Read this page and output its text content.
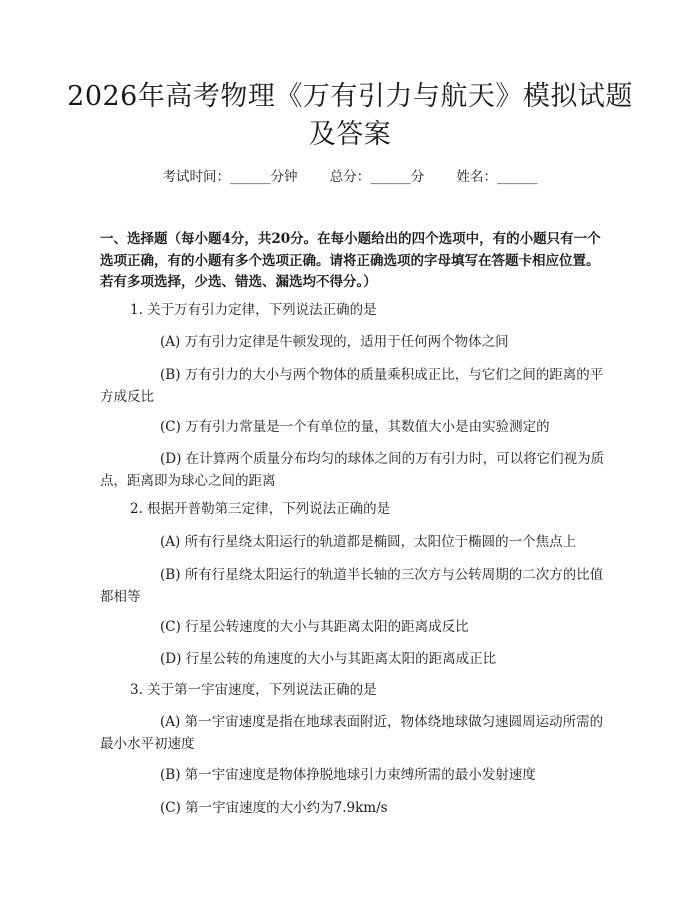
2026年高考物理《万有引力与航天》模拟试题及答案
考试时间：______分钟 总分：______分 姓名：______
一、选择题（每小题4分，共20分。在每小题给出的四个选项中，有的小题只有一个选项正确，有的小题有多个选项正确。请将正确选项的字母填写在答题卡相应位置。若有多项选择，少选、错选、漏选均不得分。）
1. 关于万有引力定律，下列说法正确的是
(A) 万有引力定律是牛顿发现的，适用于任何两个物体之间
(B) 万有引力的大小与两个物体的质量乘积成正比，与它们之间的距离的平方成反比
(C) 万有引力常量是一个有单位的量，其数值大小是由实验测定的
(D) 在计算两个质量分布均匀的球体之间的万有引力时，可以将它们视为质点，距离即为球心之间的距离
2. 根据开普勒第三定律，下列说法正确的是
(A) 所有行星绕太阳运行的轨道都是椭圆，太阳位于椭圆的一个焦点上
(B) 所有行星绕太阳运行的轨道半长轴的三次方与公转周期的二次方的比值都相等
(C) 行星公转速度的大小与其距离太阳的距离成反比
(D) 行星公转的角速度的大小与其距离太阳的距离成正比
3. 关于第一宇宙速度，下列说法正确的是
(A) 第一宇宙速度是指在地球表面附近，物体绕地球做匀速圆周运动所需的最小水平初速度
(B) 第一宇宙速度是物体挣脱地球引力束缚所需的最小发射速度
(C) 第一宇宙速度的大小约为7.9km/s
